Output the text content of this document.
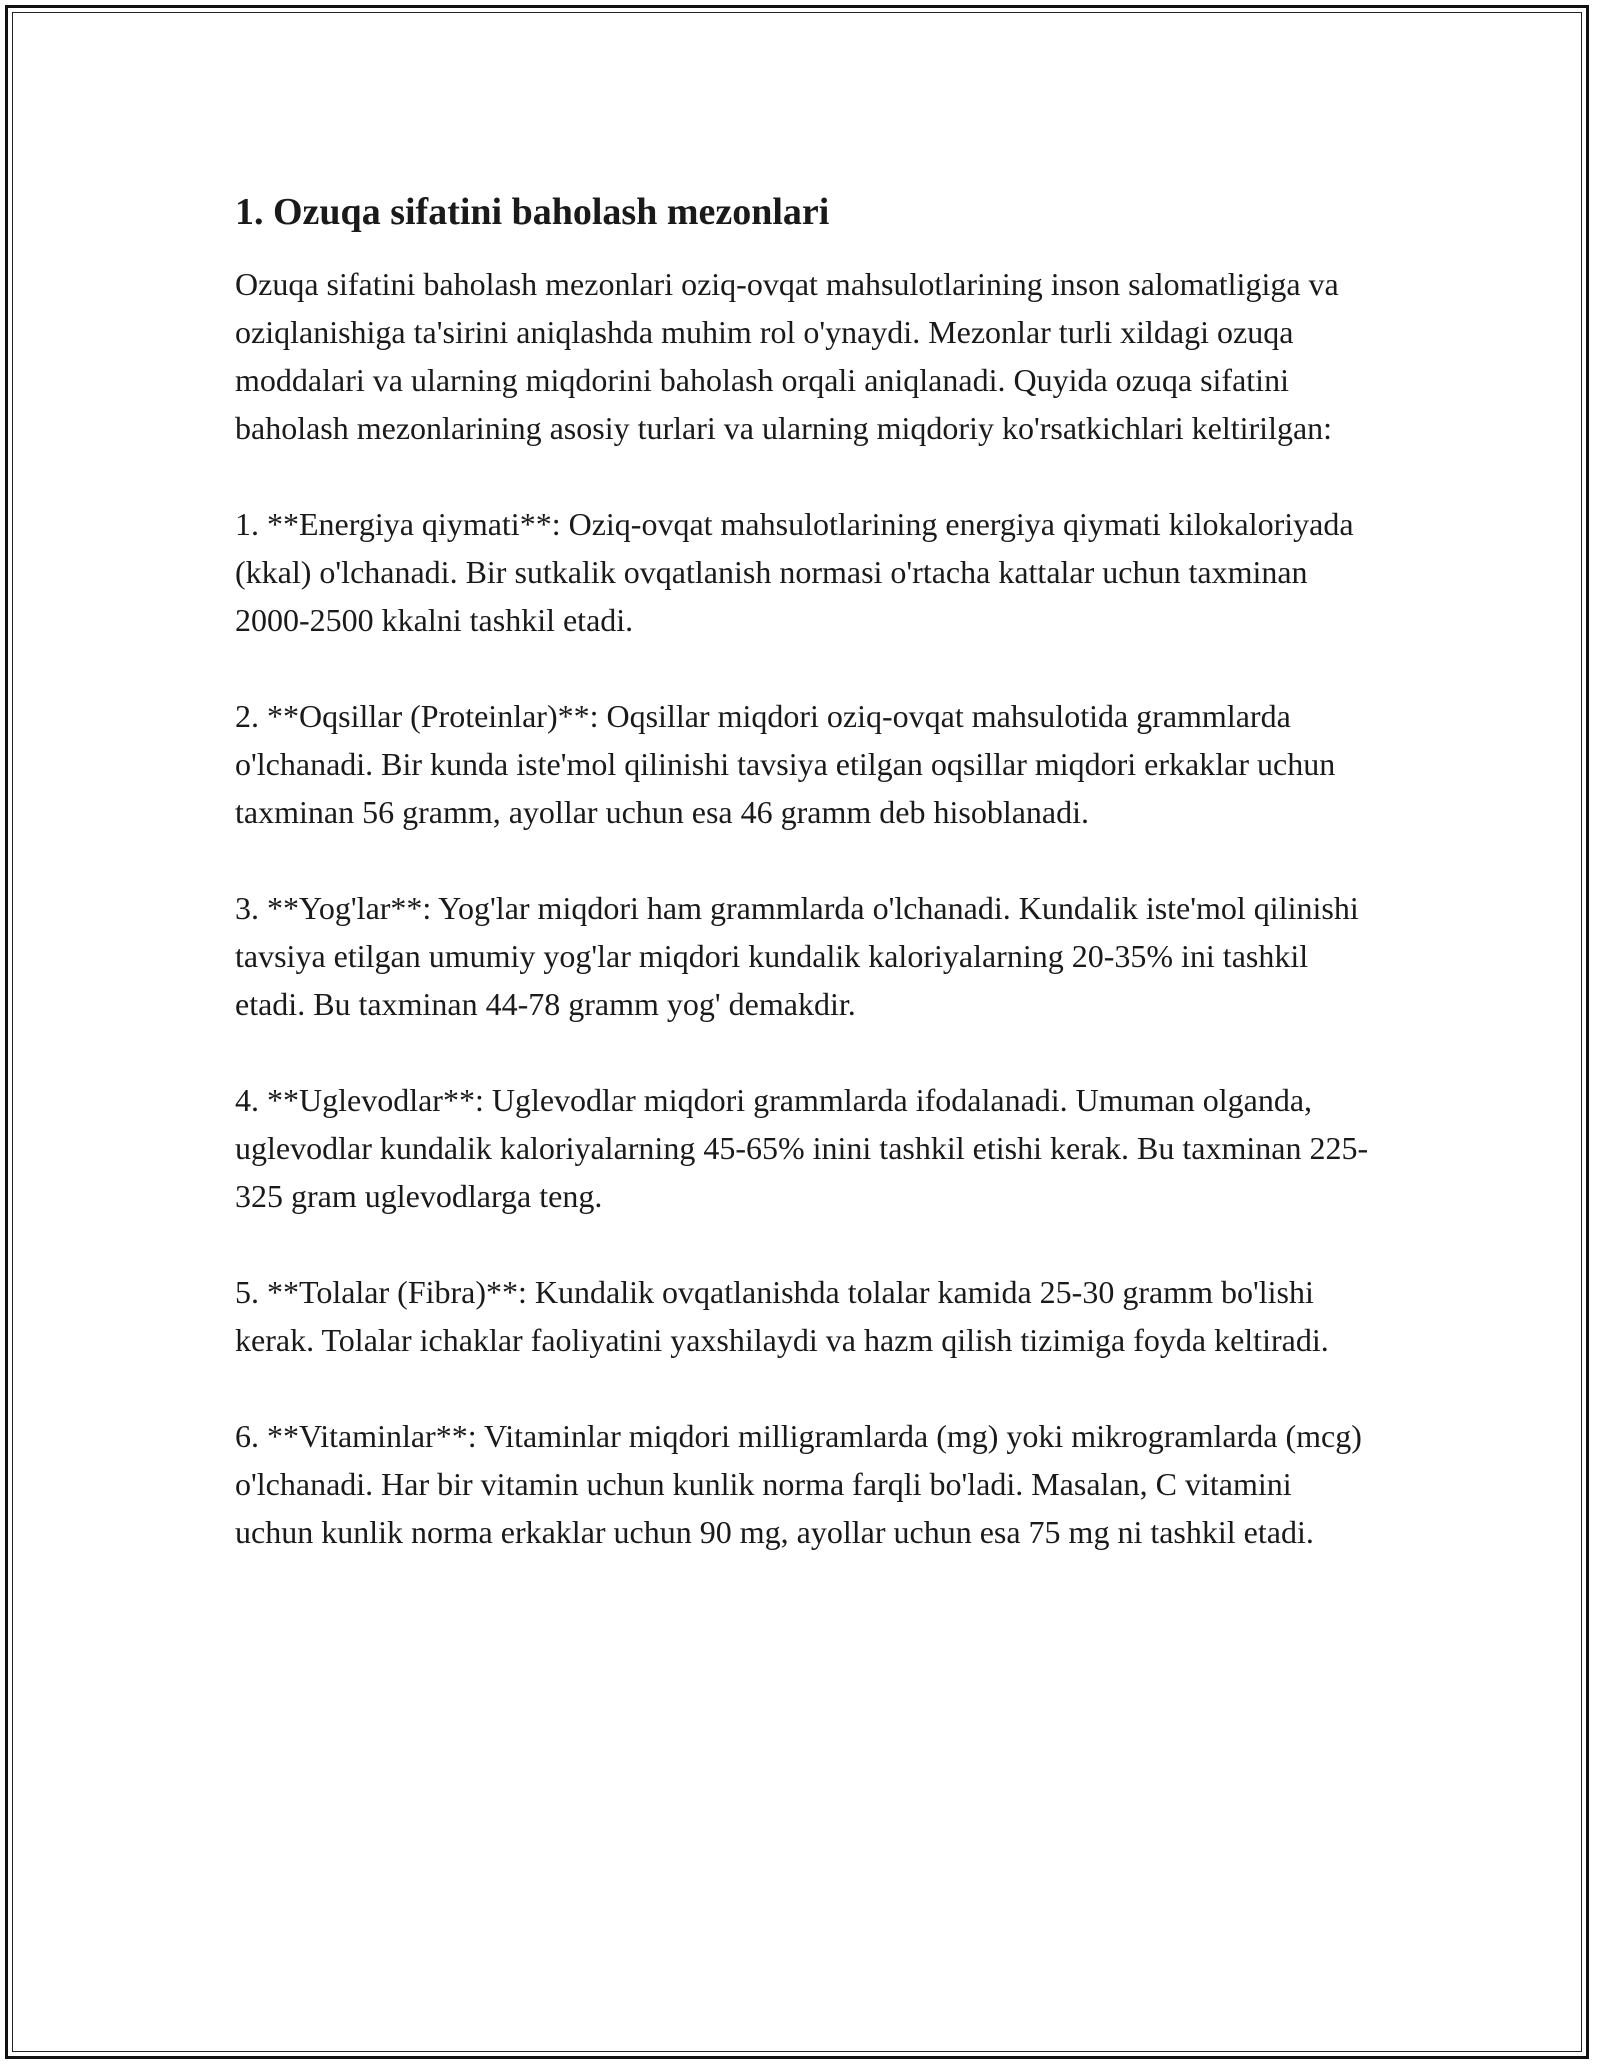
1. Ozuqa sifatini baholash mezonlari

Ozuqa sifatini baholash mezonlari oziq-ovqat mahsulotlarining inson salomatligiga va oziqlanishiga ta'sirini aniqlashda muhim rol o'ynaydi. Mezonlar turli xildagi ozuqa moddalari va ularning miqdorini baholash orqali aniqlanadi. Quyida ozuqa sifatini baholash mezonlarining asosiy turlari va ularning miqdoriy ko'rsatkichlari keltirilgan:

1. **Energiya qiymati**: Oziq-ovqat mahsulotlarining energiya qiymati kilokaloriyada (kkal) o'lchanadi. Bir sutkalik ovqatlanish normasi o'rtacha kattalar uchun taxminan 2000-2500 kkalni tashkil etadi.

2. **Oqsillar (Proteinlar)**: Oqsillar miqdori oziq-ovqat mahsulotida grammlarda o'lchanadi. Bir kunda iste'mol qilinishi tavsiya etilgan oqsillar miqdori erkaklar uchun taxminan 56 gramm, ayollar uchun esa 46 gramm deb hisoblanadi.

3. **Yog'lar**: Yog'lar miqdori ham grammlarda o'lchanadi. Kundalik iste'mol qilinishi tavsiya etilgan umumiy yog'lar miqdori kundalik kaloriyalarning 20-35% ini tashkil etadi. Bu taxminan 44-78 gramm yog' demakdir.

4. **Uglevodlar**: Uglevodlar miqdori grammlarda ifodalanadi. Umuman olganda, uglevodlar kundalik kaloriyalarning 45-65% inini tashkil etishi kerak. Bu taxminan 225-325 gram uglevodlarga teng.

5. **Tolalar (Fibra)**: Kundalik ovqatlanishda tolalar kamida 25-30 gramm bo'lishi kerak. Tolalar ichaklar faoliyatini yaxshilaydi va hazm qilish tizimiga foyda keltiradi.

6. **Vitaminlar**: Vitaminlar miqdori milligramlarda (mg) yoki mikrogramlarda (mcg) o'lchanadi. Har bir vitamin uchun kunlik norma farqli bo'ladi. Masalan, C vitamini uchun kunlik norma erkaklar uchun 90 mg, ayollar uchun esa 75 mg ni tashkil etadi.
